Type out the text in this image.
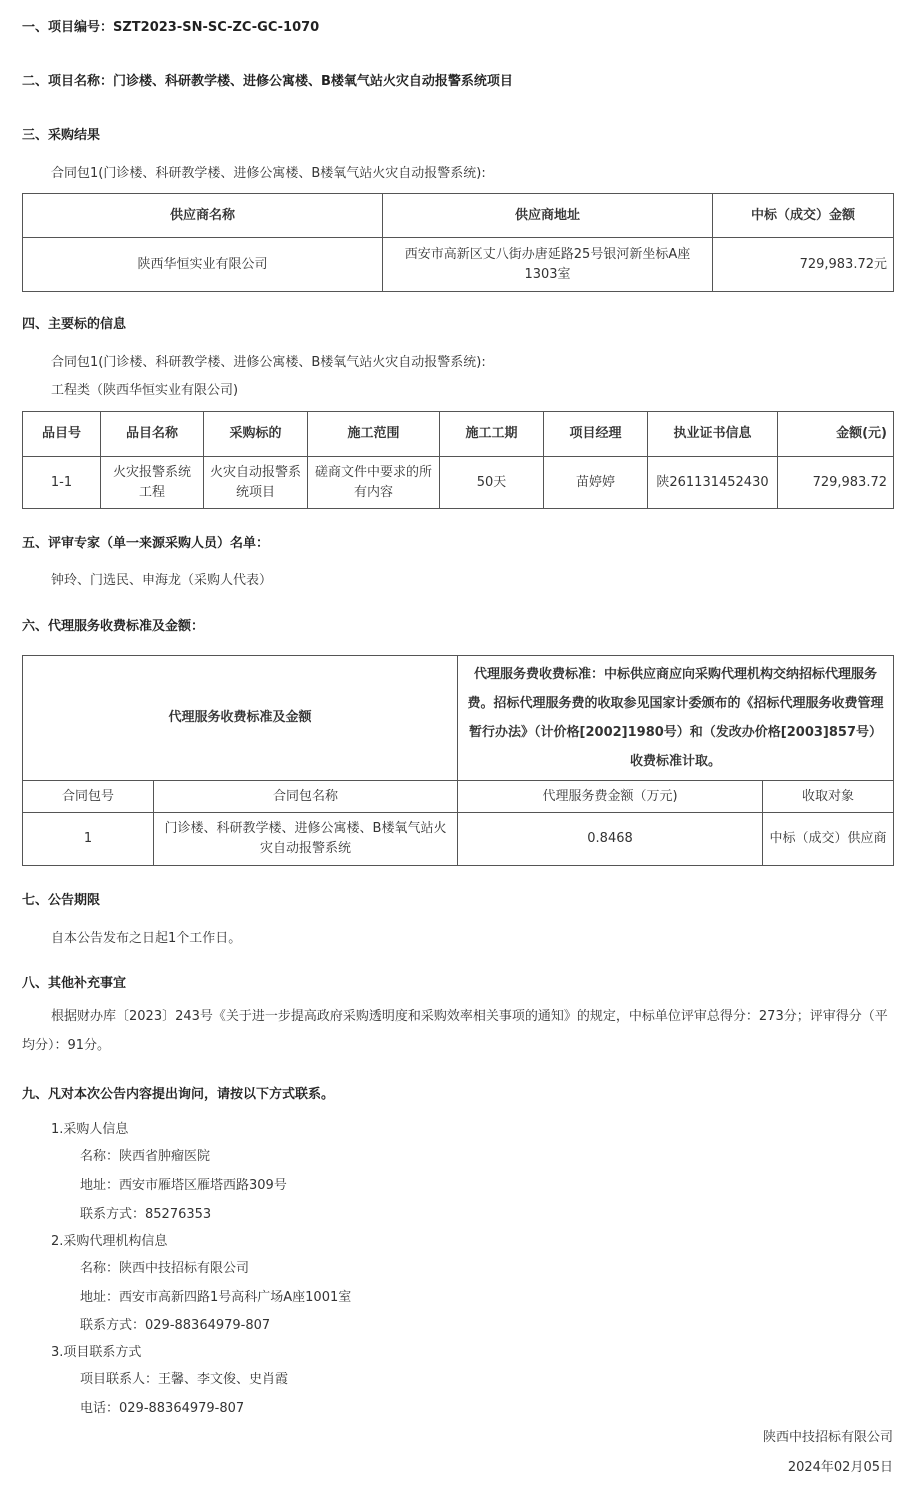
一、项目编号：SZT2023-SN-SC-ZC-GC-1070
二、项目名称：门诊楼、科研教学楼、进修公寓楼、B楼氧气站火灾自动报警系统项目
三、采购结果
合同包1(门诊楼、科研教学楼、进修公寓楼、B楼氧气站火灾自动报警系统):
供应商名称	供应商地址	中标（成交）金额
陕西华恒实业有限公司	西安市高新区丈八街办唐延路25号银河新坐标A座1303室	729,983.72元
四、主要标的信息
合同包1(门诊楼、科研教学楼、进修公寓楼、B楼氧气站火灾自动报警系统):
工程类（陕西华恒实业有限公司)
品目号	品目名称	采购标的	施工范围	施工工期	项目经理	执业证书信息	金额(元)
1-1	火灾报警系统工程	火灾自动报警系统项目	磋商文件中要求的所有内容	50天	苗婷婷	陕261131452430	729,983.72
五、评审专家（单一来源采购人员）名单：
钟玲、门选民、申海龙（采购人代表）
六、代理服务收费标准及金额：
代理服务收费标准及金额		代理服务费收费标准：中标供应商应向采购代理机构交纳招标代理服务费。招标代理服务费的收取参见国家计委颁布的《招标代理服务收费管理暂行办法》（计价格[2002]1980号）和（发改办价格[2003]857号）收费标准计取。	
合同包号	合同包名称	代理服务费金额（万元)	收取对象
1	门诊楼、科研教学楼、进修公寓楼、B楼氧气站火灾自动报警系统	0.8468	中标（成交）供应商
七、公告期限
自本公告发布之日起1个工作日。
八、其他补充事宜
根据财办库〔2023〕243号《关于进一步提高政府采购透明度和采购效率相关事项的通知》的规定，中标单位评审总得分：273分；评审得分（平均分）：91分。
九、凡对本次公告内容提出询问，请按以下方式联系。
1.采购人信息
名称：陕西省肿瘤医院
地址：西安市雁塔区雁塔西路309号
联系方式：85276353
2.采购代理机构信息
名称：陕西中技招标有限公司
地址：西安市高新四路1号高科广场A座1001室
联系方式：029-88364979-807
3.项目联系方式
项目联系人：王馨、李文俊、史肖霞
电话：029-88364979-807
陕西中技招标有限公司
2024年02月05日
